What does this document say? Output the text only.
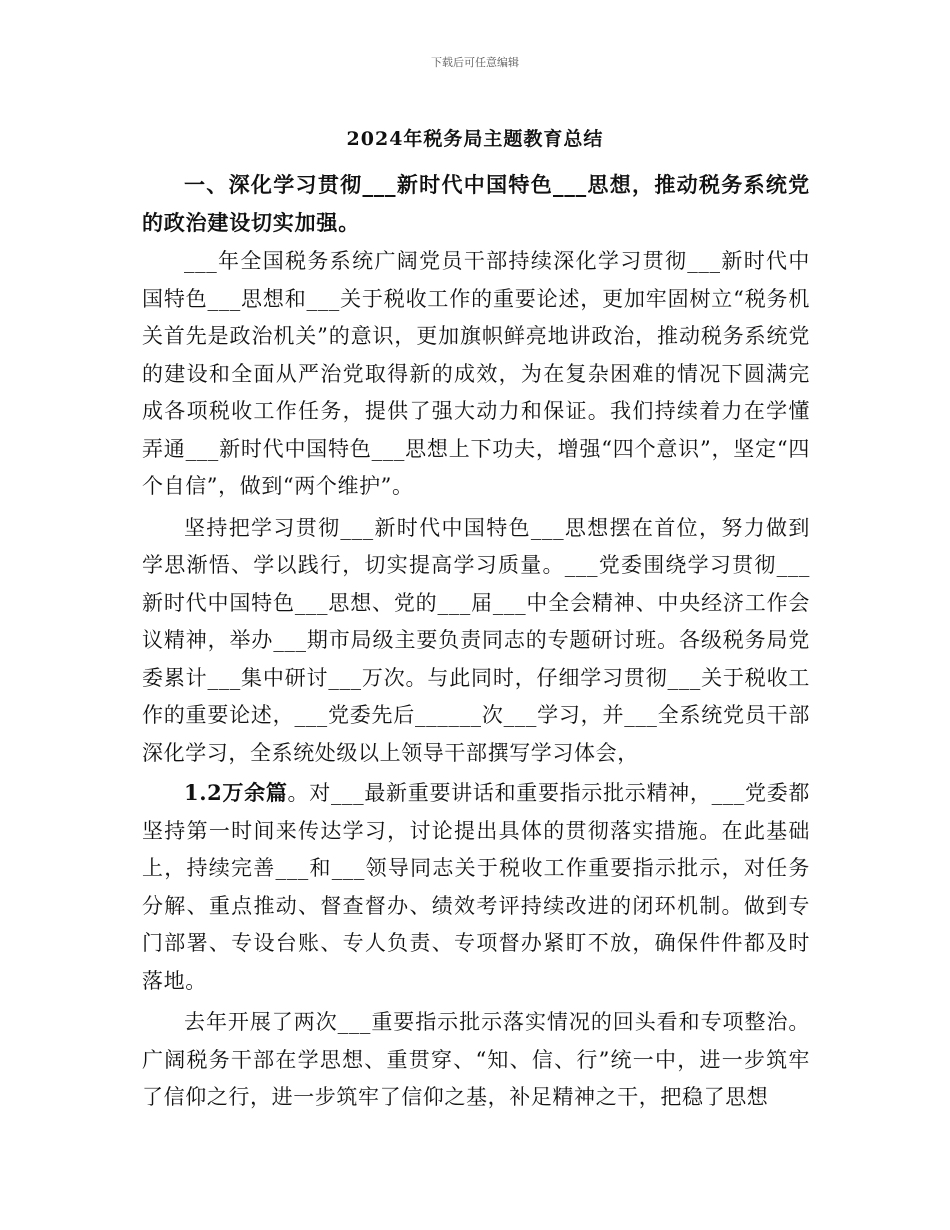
下载后可任意编辑
2024年税务局主题教育总结

一、深化学习贯彻___新时代中国特色___思想，推动税务系统党的政治建设切实加强。

___年全国税务系统广阔党员干部持续深化学习贯彻___新时代中国特色___思想和___关于税收工作的重要论述，更加牢固树立“税务机关首先是政治机关”的意识，更加旗帜鲜亮地讲政治，推动税务系统党的建设和全面从严治党取得新的成效，为在复杂困难的情况下圆满完成各项税收工作任务，提供了强大动力和保证。我们持续着力在学懂弄通___新时代中国特色___思想上下功夫，增强“四个意识”，坚定“四个自信”，做到“两个维护”。

坚持把学习贯彻___新时代中国特色___思想摆在首位，努力做到学思渐悟、学以践行，切实提高学习质量。___党委围绕学习贯彻___新时代中国特色___思想、党的___届___中全会精神、中央经济工作会议精神，举办___期市局级主要负责同志的专题研讨班。各级税务局党委累计___集中研讨___万次。与此同时，仔细学习贯彻___关于税收工作的重要论述，___党委先后______次___学习，并___全系统党员干部深化学习，全系统处级以上领导干部撰写学习体会，

1.2万余篇。对___最新重要讲话和重要指示批示精神，___党委都坚持第一时间来传达学习，讨论提出具体的贯彻落实措施。在此基础上，持续完善___和___领导同志关于税收工作重要指示批示，对任务分解、重点推动、督查督办、绩效考评持续改进的闭环机制。做到专门部署、专设台账、专人负责、专项督办紧盯不放，确保件件都及时落地。

去年开展了两次___重要指示批示落实情况的回头看和专项整治。广阔税务干部在学思想、重贯穿、“知、信、行”统一中，进一步筑牢了信仰之行，进一步筑牢了信仰之基，补足精神之干，把稳了思想
